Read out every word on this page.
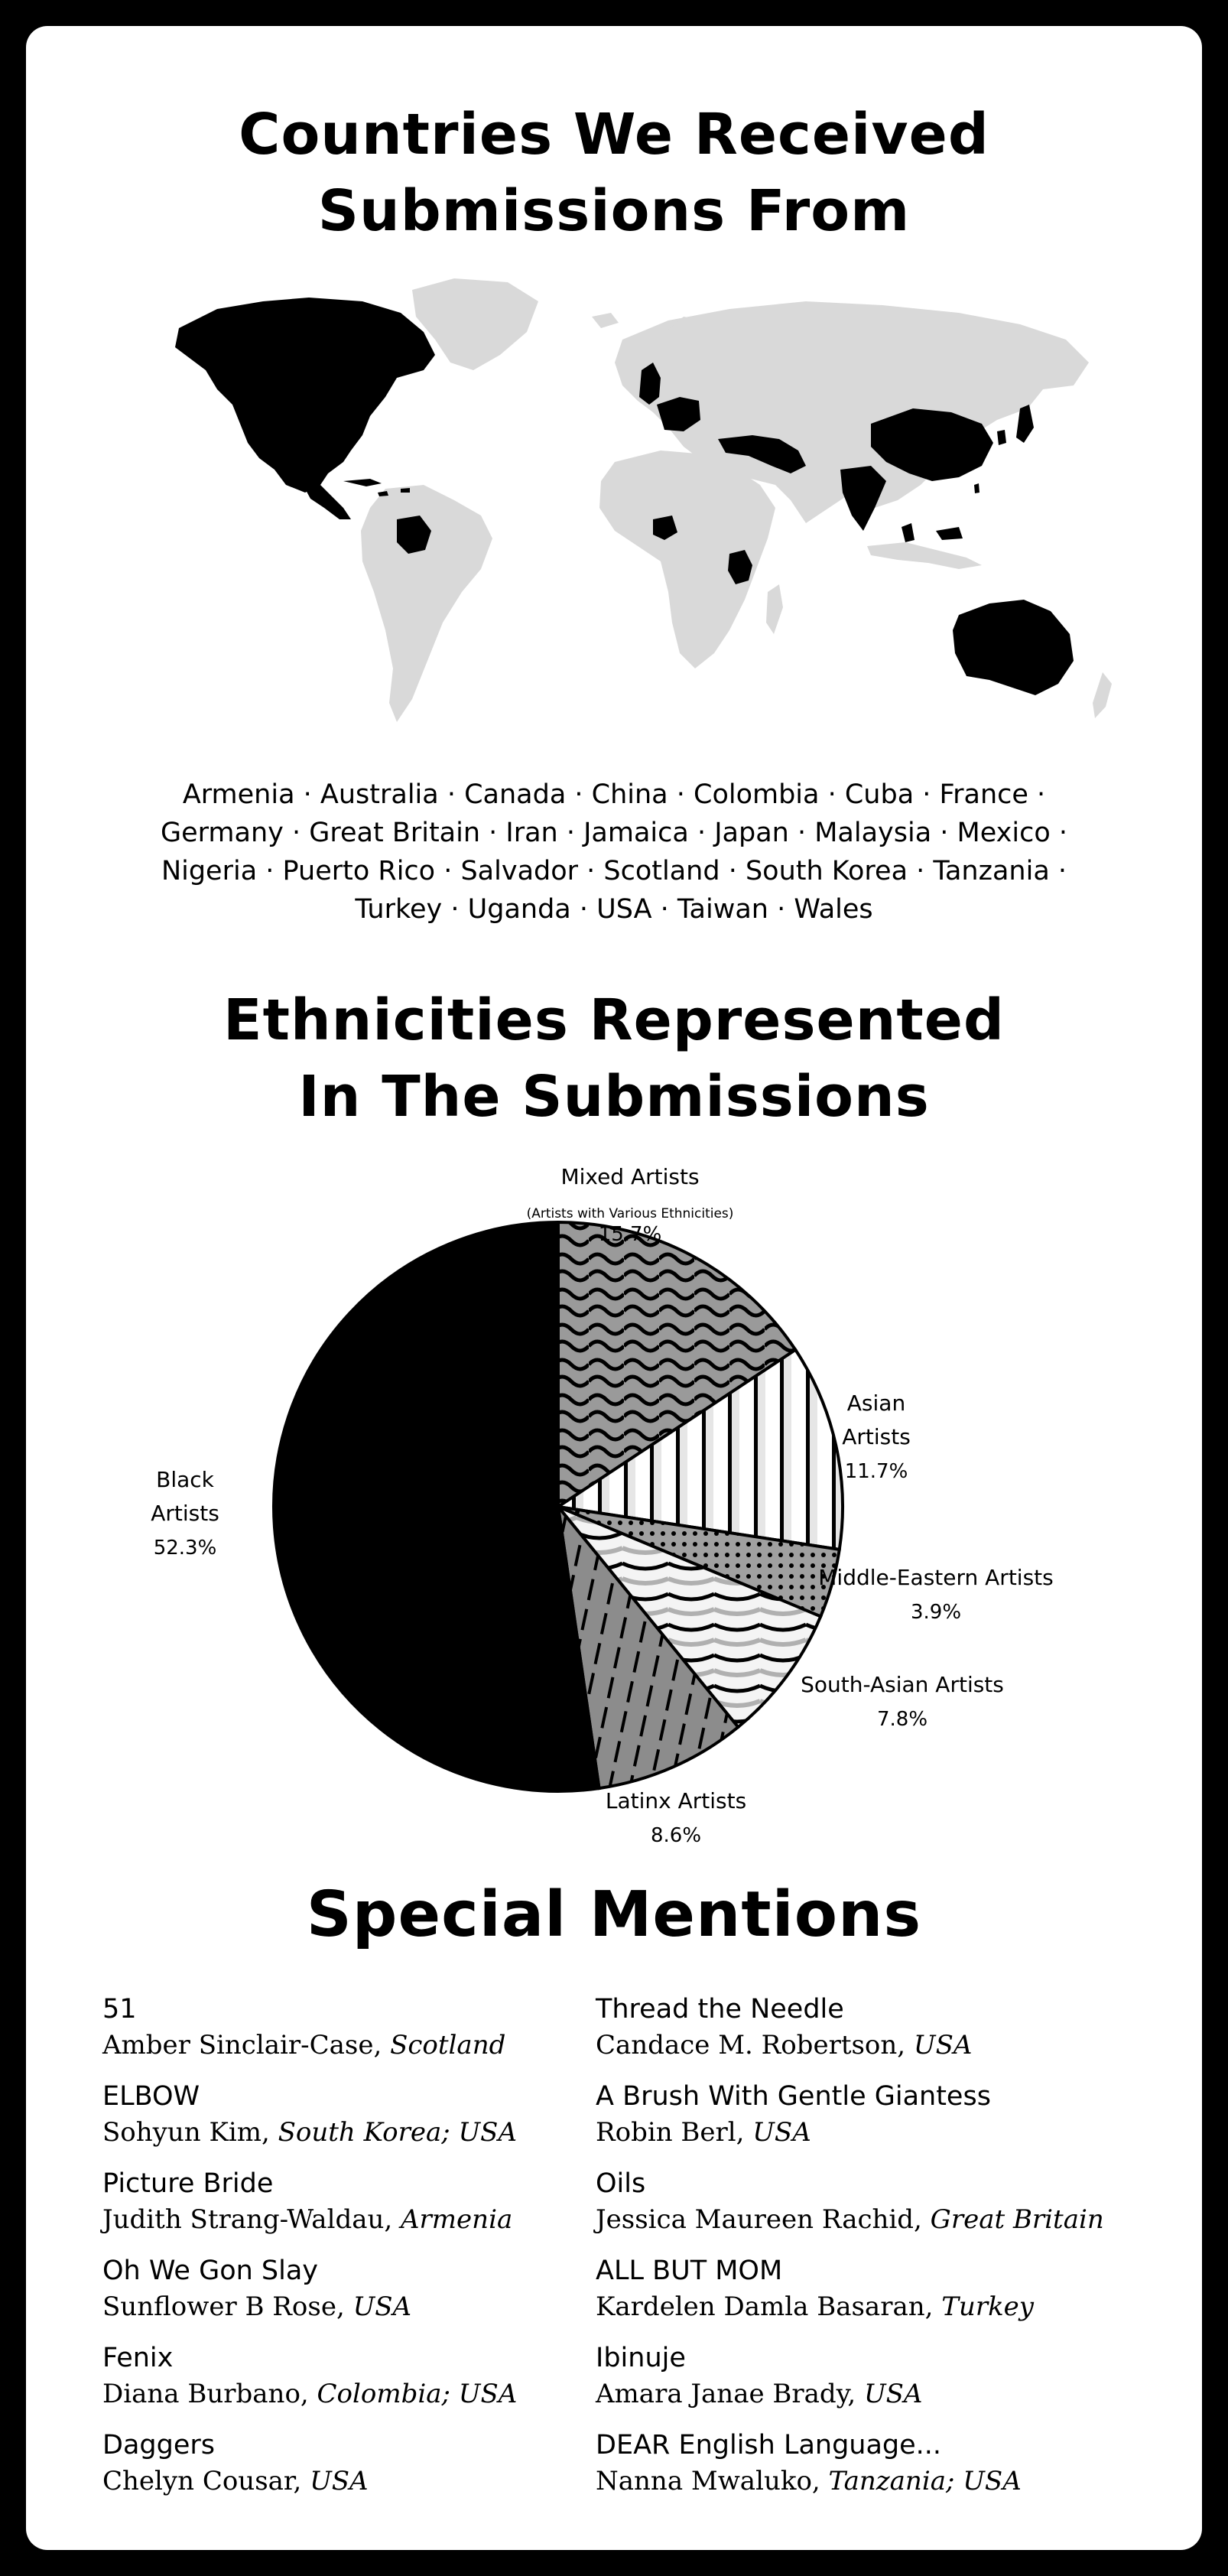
Countries We Received
Submissions From
Armenia · Australia · Canada · China · Colombia · Cuba · France · Germany · Great Britain · Iran · Jamaica · Japan · Malaysia · Mexico · Nigeria · Puerto Rico · Salvador · Scotland · South Korea · Tanzania · Turkey · Uganda · USA · Taiwan · Wales
Ethnicities Represented
In The Submissions
Mixed Artists (Artists with Various Ethnicities) 15.7%
Asian Artists 11.7%
Middle-Eastern Artists 3.9%
South-Asian Artists 7.8%
Latinx Artists 8.6%
Black Artists 52.3%
Special Mentions
51
Amber Sinclair-Case, Scotland
Thread the Needle
Candace M. Robertson, USA
ELBOW
Sohyun Kim, South Korea; USA
A Brush With Gentle Giantess
Robin Berl, USA
Picture Bride
Judith Strang-Waldau, Armenia
Oils
Jessica Maureen Rachid, Great Britain
Oh We Gon Slay
Sunflower B Rose, USA
ALL BUT MOM
Kardelen Damla Basaran, Turkey
Fenix
Diana Burbano, Colombia; USA
Ibinuje
Amara Janae Brady, USA
Daggers
Chelyn Cousar, USA
DEAR English Language...
Nanna Mwaluko, Tanzania; USA
